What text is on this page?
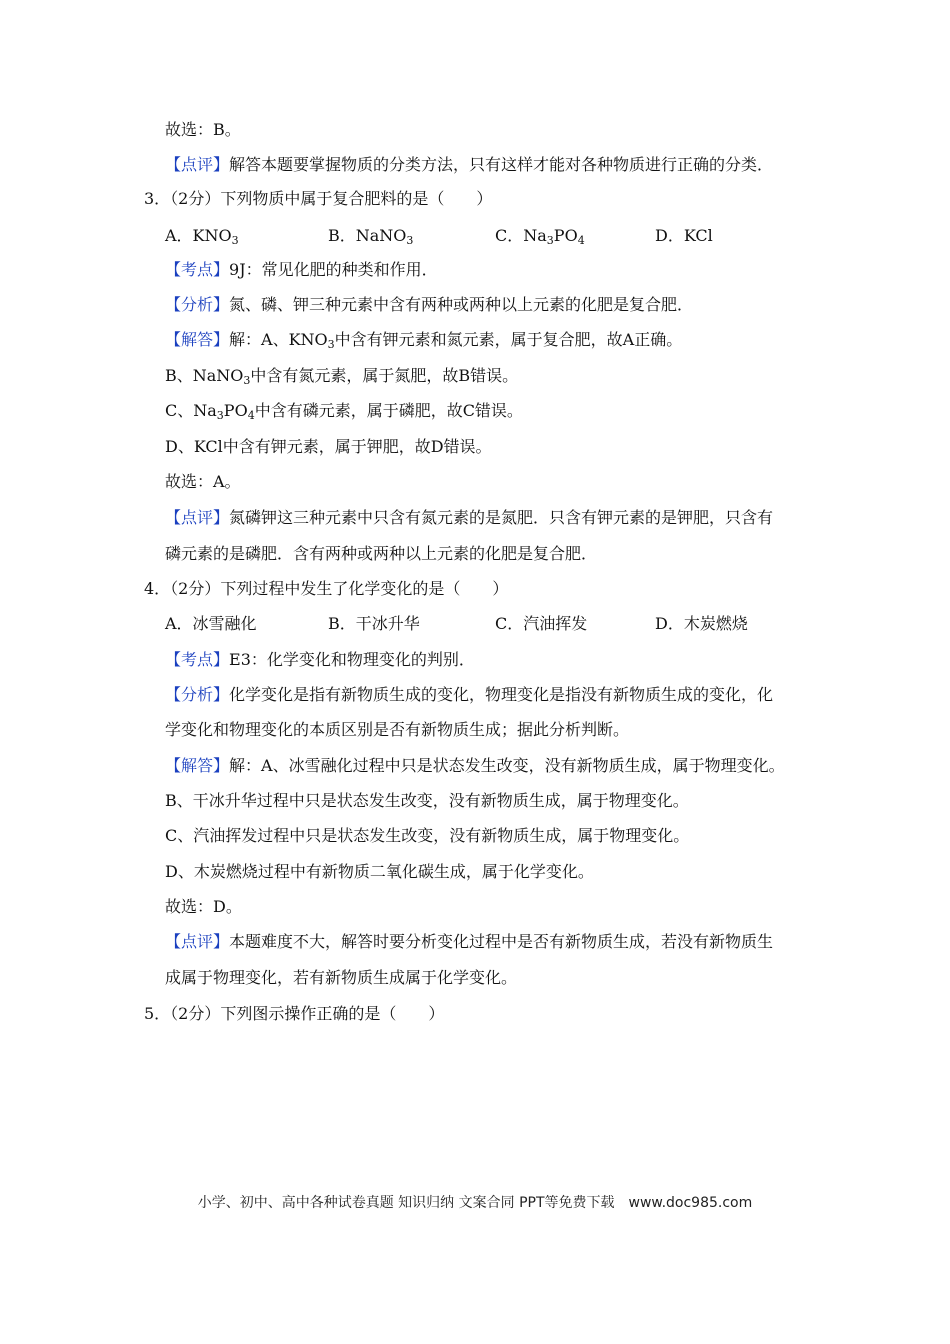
故选：B。
【点评】解答本题要掌握物质的分类方法，只有这样才能对各种物质进行正确的分类．
3．（2分）下列物质中属于复合肥料的是（　　）
A．$KNO_3$	B．NaNO$_3$	C．$Na_3PO_4$	D．KCl
【考点】9J：常见化肥的种类和作用．
【分析】氮、磷、钾三种元素中含有两种或两种以上元素的化肥是复合肥．
【解答】解：A、$KNO_3$中含有钾元素和氮元素，属于复合肥，故A正确。
B、NaNO$_3$中含有氮元素，属于氮肥，故B错误。
C、$Na_3PO_4$中含有磷元素，属于磷肥，故C错误。
D、KCl中含有钾元素，属于钾肥，故D错误。
故选：A。
【点评】氮磷钾这三种元素中只含有氮元素的是氮肥．只含有钾元素的是钾肥，只含有
磷元素的是磷肥．含有两种或两种以上元素的化肥是复合肥．
4．（2分）下列过程中发生了化学变化的是（　　）
A．冰雪融化	B．干冰升华	C．汽油挥发	D．木炭燃烧
【考点】E3：化学变化和物理变化的判别．
【分析】化学变化是指有新物质生成的变化，物理变化是指没有新物质生成的变化，化
学变化和物理变化的本质区别是否有新物质生成；据此分析判断。
【解答】解：A、冰雪融化过程中只是状态发生改变，没有新物质生成，属于物理变化。
B、干冰升华过程中只是状态发生改变，没有新物质生成，属于物理变化。
C、汽油挥发过程中只是状态发生改变，没有新物质生成，属于物理变化。
D、木炭燃烧过程中有新物质二氧化碳生成，属于化学变化。
故选：D。
【点评】本题难度不大，解答时要分析变化过程中是否有新物质生成，若没有新物质生
成属于物理变化，若有新物质生成属于化学变化。
5．（2分）下列图示操作正确的是（　　）
小学、初中、高中各种试卷真题 知识归纳 文案合同 PPT等免费下载　www.doc985.com
